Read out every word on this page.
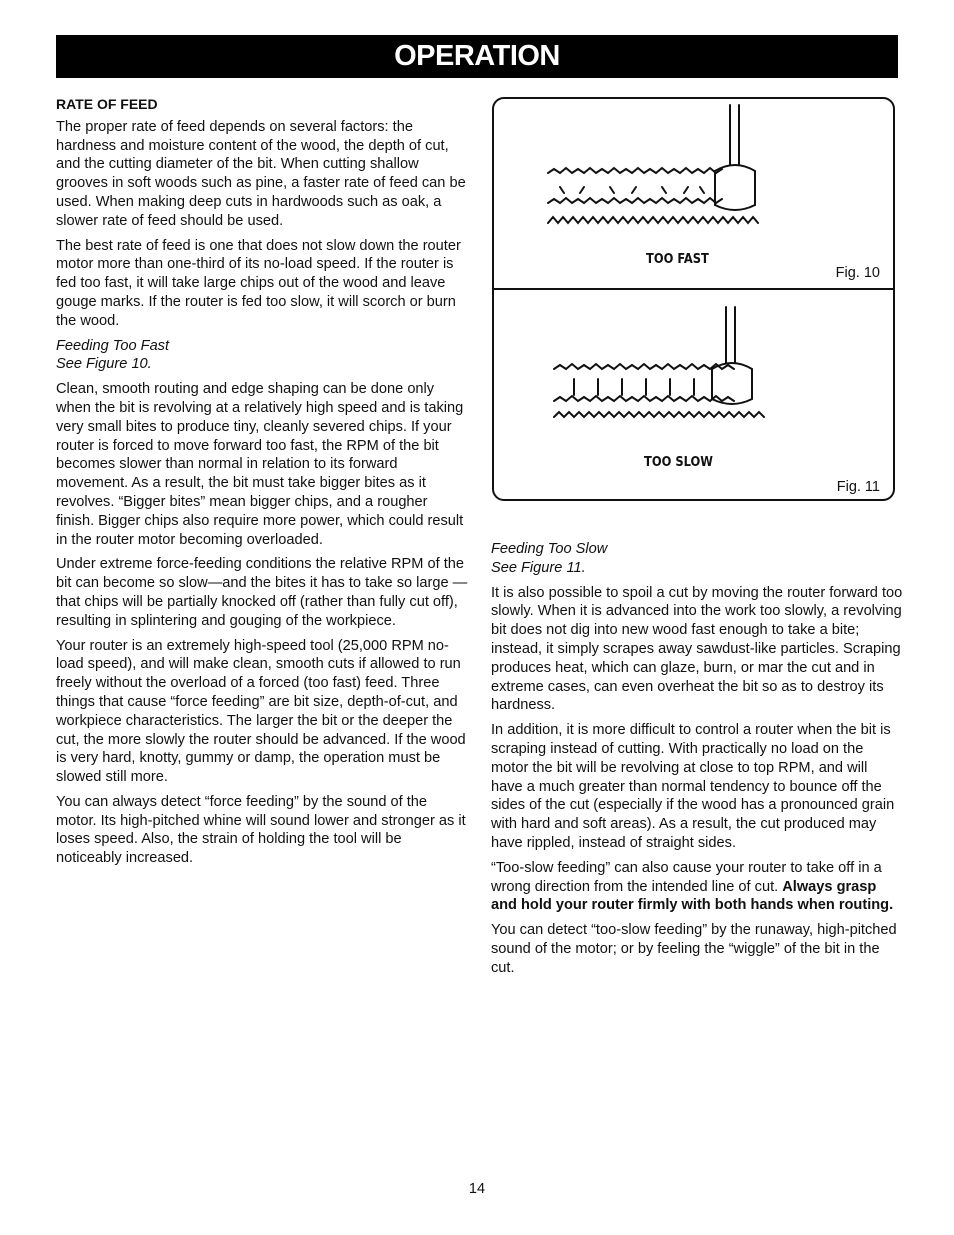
OPERATION

RATE OF FEED

The proper rate of feed depends on several factors: the hardness and moisture content of the wood, the depth of cut, and the cutting diameter of the bit. When cutting shallow grooves in soft woods such as pine, a faster rate of feed can be used. When making deep cuts in hardwoods such as oak, a slower rate of feed should be used.

The best rate of feed is one that does not slow down the router motor more than one-third of its no-load speed. If the router is fed too fast, it will take large chips out of the wood and leave gouge marks. If the router is fed too slow, it will scorch or burn the wood.

Feeding Too Fast
See Figure 10.

Clean, smooth routing and edge shaping can be done only when the bit is revolving at a relatively high speed and is taking very small bites to produce tiny, cleanly severed chips. If your router is forced to move forward too fast, the RPM of the bit becomes slower than normal in relation to its forward movement. As a result, the bit must take bigger bites as it revolves. “Bigger bites” mean bigger chips, and a rougher finish. Bigger chips also require more power, which could result in the router motor becoming overloaded.

Under extreme force-feeding conditions the relative RPM of the bit can become so slow—and the bites it has to take so large — that chips will be partially knocked off (rather than fully cut off), resulting in splintering and gouging of the workpiece.

Your router is an extremely high-speed tool (25,000 RPM no-load speed), and will make clean, smooth cuts if allowed to run freely without the overload of a forced (too fast) feed. Three things that cause “force feeding” are bit size, depth-of-cut, and workpiece characteristics. The larger the bit or the deeper the cut, the more slowly the router should be advanced. If the wood is very hard, knotty, gummy or damp, the operation must be slowed still more.

You can always detect “force feeding” by the sound of the motor. Its high-pitched whine will sound lower and stronger as it loses speed. Also, the strain of holding the tool will be noticeably increased.

TOO FAST
Fig. 10
TOO SLOW
Fig. 11

Feeding Too Slow
See Figure 11.

It is also possible to spoil a cut by moving the router forward too slowly. When it is advanced into the work too slowly, a revolving bit does not dig into new wood fast enough to take a bite; instead, it simply scrapes away sawdust-like particles. Scraping produces heat, which can glaze, burn, or mar the cut and in extreme cases, can even overheat the bit so as to destroy its hardness.

In addition, it is more difficult to control a router when the bit is scraping instead of cutting. With practically no load on the motor the bit will be revolving at close to top RPM, and will have a much greater than normal tendency to bounce off the sides of the cut (especially if the wood has a pronounced grain with hard and soft areas). As a result, the cut produced may have rippled, instead of straight sides.

“Too-slow feeding” can also cause your router to take off in a wrong direction from the intended line of cut. Always grasp and hold your router firmly with both hands when routing.

You can detect “too-slow feeding” by the runaway, high-pitched sound of the motor; or by feeling the “wiggle” of the bit in the cut.

14
